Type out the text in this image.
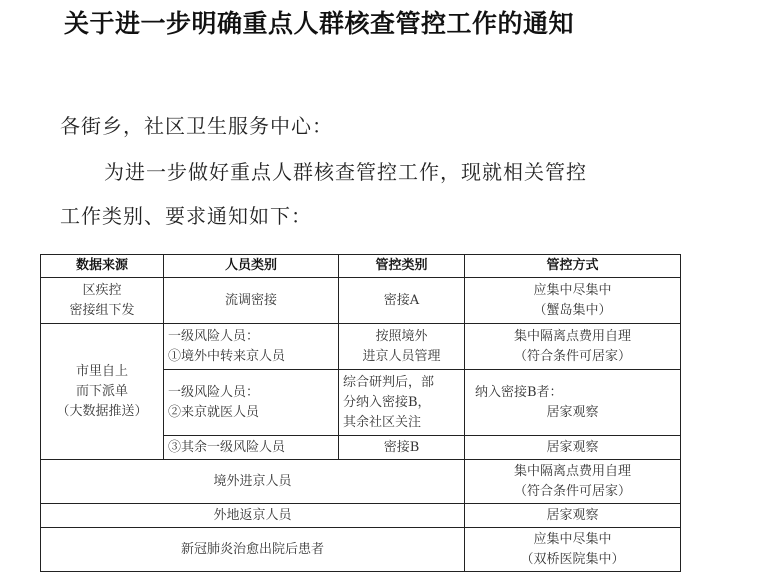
关于进一步明确重点人群核查管控工作的通知
各街乡，社区卫生服务中心：
为进一步做好重点人群核查管控工作，现就相关管控
工作类别、要求通知如下：
数据来源	人员类别	管控类别	管控方式

区疾控
密接组下发	流调密接	密接A	应集中尽集中
（蟹岛集中）

市里自上
而下派单
（大数据推送）	一级风险人员：
①境外中转来京人员	按照境外
进京人员管理	集中隔离点费用自理
（符合条件可居家）

	一级风险人员：
②来京就医人员	综合研判后，部
分纳入密接B，
其余社区关注	纳入密接B者：
居家观察

	③其余一级风险人员	密接B	居家观察
境外进京人员			集中隔离点费用自理
（符合条件可居家）

外地返京人员			居家观察
新冠肺炎治愈出院后患者			应集中尽集中
（双桥医院集中）
